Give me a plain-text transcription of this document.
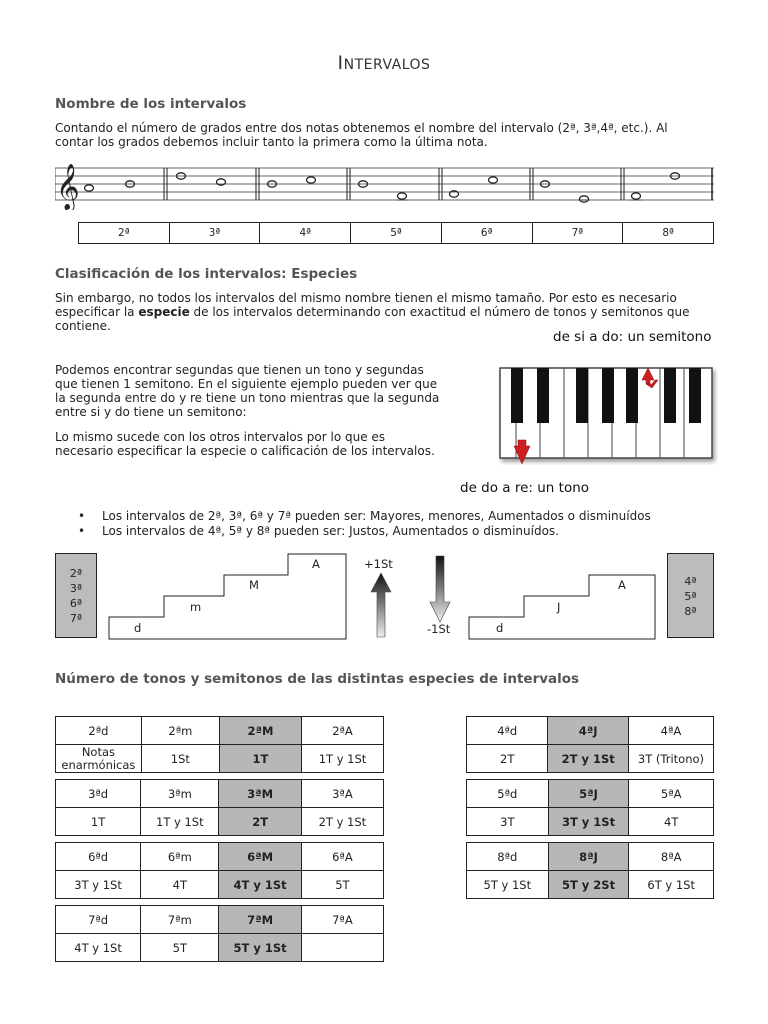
INTERVALOS
Nombre de los intervalos

Contando el número de grados entre dos notas obtenemos el nombre del intervalo (2ª, 3ª,4ª, etc.). Al

contar los grados debemos incluir tanto la primera como la última nota.

𝄞
2ª	3ª	4ª	5ª	6ª	7ª	8ª
Clasificación de los intervalos: Especies

Sin embargo, no todos los intervalos del mismo nombre tienen el mismo tamaño. Por esto es necesario

especificar la especie de los intervalos determinando con exactitud el número de tonos y semitonos que

contiene.

Podemos encontrar segundas que tienen un tono y segundas

que tienen 1 semitono. En el siguiente ejemplo pueden ver que

la segunda entre do y re tiene un tono mientras que la segunda

entre si y do tiene un semitono:

Lo mismo sucede con los otros intervalos por lo que es

necesario especificar la especie o calificación de los intervalos.

de si a do: un semitono
de do a re: un tono
• Los intervalos de 2ª, 3ª, 6ª y 7ª pueden ser: Mayores, menores, Aumentados o disminuídos
• Los intervalos de 4ª, 5ª y 8ª pueden ser: Justos, Aumentados o disminuídos.
2ª
3ª
6ª
7ª
d
m
M
A	+1St
-1St	d
J
A	4ª
5ª
8ª
Número de tonos y semitonos de las distintas especies de intervalos
2ªd	2ªm	2ªM	2ªA
Notas enarmónicas	1St	1T	1T y 1St
3ªd	3ªm	3ªM	3ªA
1T	1T y 1St	2T	2T y 1St
6ªd	6ªm	6ªM	6ªA
3T y 1St	4T	4T y 1St	5T
7ªd	7ªm	7ªM	7ªA
4T y 1St	5T	5T y 1St	
4ªd	4ªJ	4ªA
2T	2T y 1St	3T (Tritono)
5ªd	5ªJ	5ªA
3T	3T y 1St	4T
8ªd	8ªJ	8ªA
5T y 1St	5T y 2St	6T y 1St
